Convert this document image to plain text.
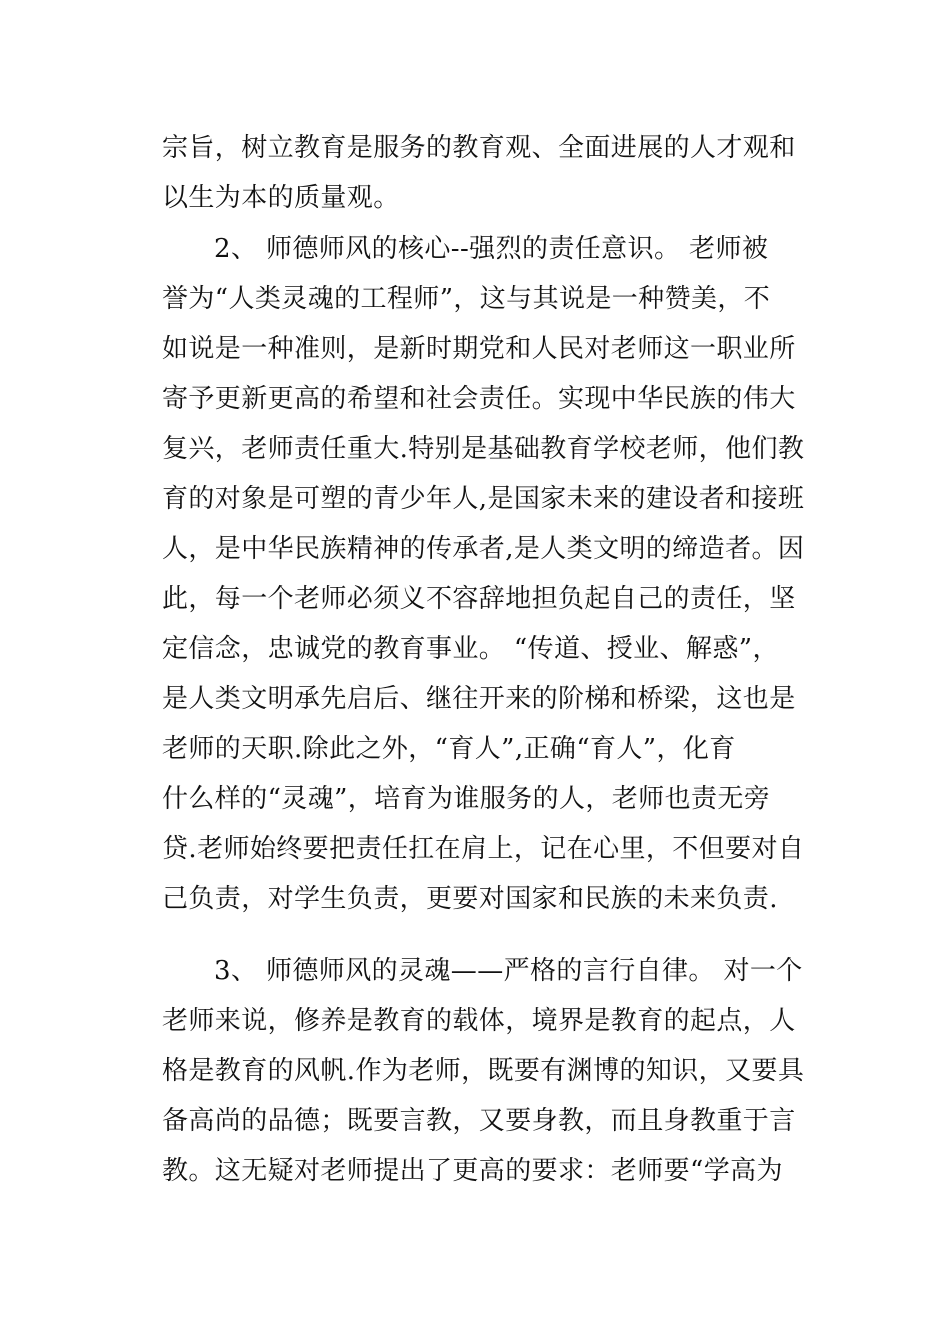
宗旨，树立教育是服务的教育观、全面进展的人才观和
以生为本的质量观。
2、 师德师风的核心--强烈的责任意识。 老师被
誉为“人类灵魂的工程师”，这与其说是一种赞美，不
如说是一种准则，是新时期党和人民对老师这一职业所
寄予更新更高的希望和社会责任。实现中华民族的伟大
复兴，老师责任重大.特别是基础教育学校老师，他们教
育的对象是可塑的青少年人,是国家未来的建设者和接班
人，是中华民族精神的传承者,是人类文明的缔造者。因
此，每一个老师必须义不容辞地担负起自己的责任，坚
定信念，忠诚党的教育事业。 “传道、授业、解惑”，
是人类文明承先启后、继往开来的阶梯和桥梁，这也是
老师的天职.除此之外，“育人”,正确“育人”，化育
什么样的“灵魂”，培育为谁服务的人，老师也责无旁
贷.老师始终要把责任扛在肩上，记在心里，不但要对自
己负责，对学生负责，更要对国家和民族的未来负责.
3、 师德师风的灵魂——严格的言行自律。 对一个
老师来说，修养是教育的载体，境界是教育的起点，人
格是教育的风帆.作为老师，既要有渊博的知识，又要具
备高尚的品德；既要言教，又要身教，而且身教重于言
教。这无疑对老师提出了更高的要求：老师要“学高为
